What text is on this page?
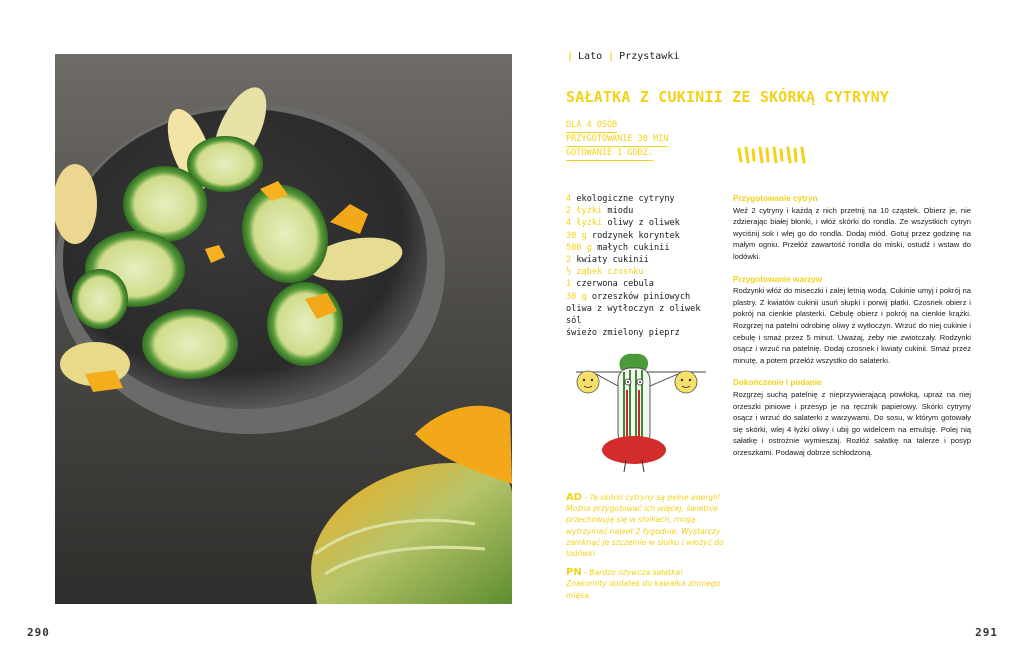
290	291
| Lato | Przystawki
SAŁATKA Z CUKINII ZE SKÓRKĄ CYTRYNY
DLA 4 OSÓB
PRZYGOTOWANIE 30 MIN
GOTOWANIE 1 GODZ.
4 ekologiczne cytryny
2 łyżki miodu
4 łyżki oliwy z oliwek
30 g rodzynek koryntek
500 g małych cukinii
2 kwiaty cukinii
½ ząbek czosnku
1 czerwona cebula
30 g orzeszków piniowych
oliwa z wytłoczyn z oliwek
sól
świeżo zmielony pieprz

AD - Te skórki cytryny są pełne energii! Można przygotować ich więcej, świetnie przechowują się w słoikach, mogą wytrzymać nawet 2 tygodnie. Wystarczy zamknąć je szczelnie w słoiku i włożyć do lodówki.

PN - Bardzo ożywcza sałatka! Znakomity dodatek do kawałka zimnego mięsa.

Przygotowanie cytryn

Weź 2 cytryny i każdą z nich przetnij na 10 cząstek. Obierz je, nie zdzierając białej błonki, i włóż skórki do rondla. Ze wszystkich cytryn wyciśnij sok i wlej go do rondla. Dodaj miód. Gotuj przez godzinę na małym ogniu. Przełóż zawartość rondla do miski, ostudź i wstaw do lodówki.

Przygotowanie warzyw

Rodzynki włóż do miseczki i zalej letnią wodą. Cukinie umyj i pokrój na plastry. Z kwiatów cukinii usuń słupki i porwij płatki. Czosnek obierz i pokrój na cienkie plasterki. Cebulę obierz i pokrój na cienkie krążki. Rozgrzej na patelni odrobinę oliwy z wytłoczyn. Wrzuć do niej cukinie i cebulę i smaż przez 5 minut. Uważaj, żeby nie zwiotczały. Rodzynki osącz i wrzuć na patelnię. Dodaj czosnek i kwiaty cukinii. Smaż przez minutę, a potem przełóż wszystko do salaterki.

Dokończenie i podanie

Rozgrzej suchą patelnię z nieprzywierającą powłoką, upraż na niej orzeszki piniowe i przesyp je na ręcznik papierowy. Skórki cytryny osącz i wrzuć do salaterki z warzywami. Do sosu, w którym gotowały się skórki, wlej 4 łyżki oliwy i ubij go widelcem na emulsję. Polej nią sałatkę i ostrożnie wymieszaj. Rozłóż sałatkę na talerze i posyp orzeszkami. Podawaj dobrze schłodzoną.
